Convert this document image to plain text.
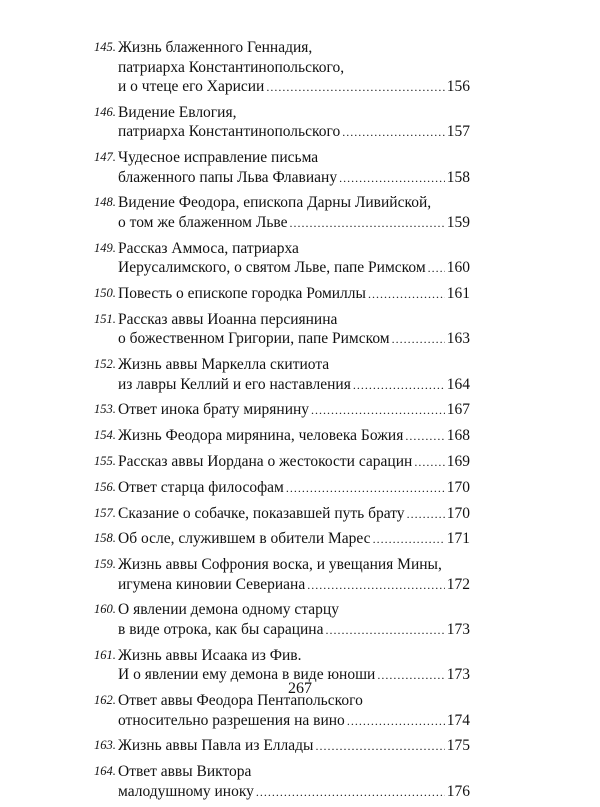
145. Жизнь блаженного Геннадия,
патриарха Константинопольского,
и о чтеце его Харисии .....	156
146. Видение Евлогия,
патриарха Константинопольского .....	157
147. Чудесное исправление письма
блаженного папы Льва Флавиану .....	158
148. Видение Феодора, епископа Дарны Ливийской,
о том же блаженном Льве .....	159
149. Рассказ Аммоса, патриарха
Иерусалимского, о святом Льве, папе Римском ..... 160
150. Повесть о епископе городка Ромиллы .....	161
151. Рассказ аввы Иоанна персиянина
о божественном Григории, папе Римском .....	163
152. Жизнь аввы Маркелла скитиота
из лавры Келлий и его наставления .....	164
153. Ответ инока брату мирянину .....	167
154. Жизнь Феодора мирянина, человека Божия .....	168
155. Рассказ аввы Иордана о жестокости сарацин ..... 169
156. Ответ старца философам .....	170
157. Сказание о собачке, показавшей путь брату .....	170
158. Об осле, служившем в обители Марес .....	171
159. Жизнь аввы Софрония воска, и увещания Мины,
игумена киновии Севериана .....	172
160. О явлении демона одному старцу
в виде отрока, как бы сарацина .....	173
161. Жизнь аввы Исаака из Фив.
И о явлении ему демона в виде юноши .....	173
162. Ответ аввы Феодора Пентапольского
относительно разрешения на вино .....	174
163. Жизнь аввы Павла из Еллады .....	175
164. Ответ аввы Виктора
малодушному иноку .....	176
267
